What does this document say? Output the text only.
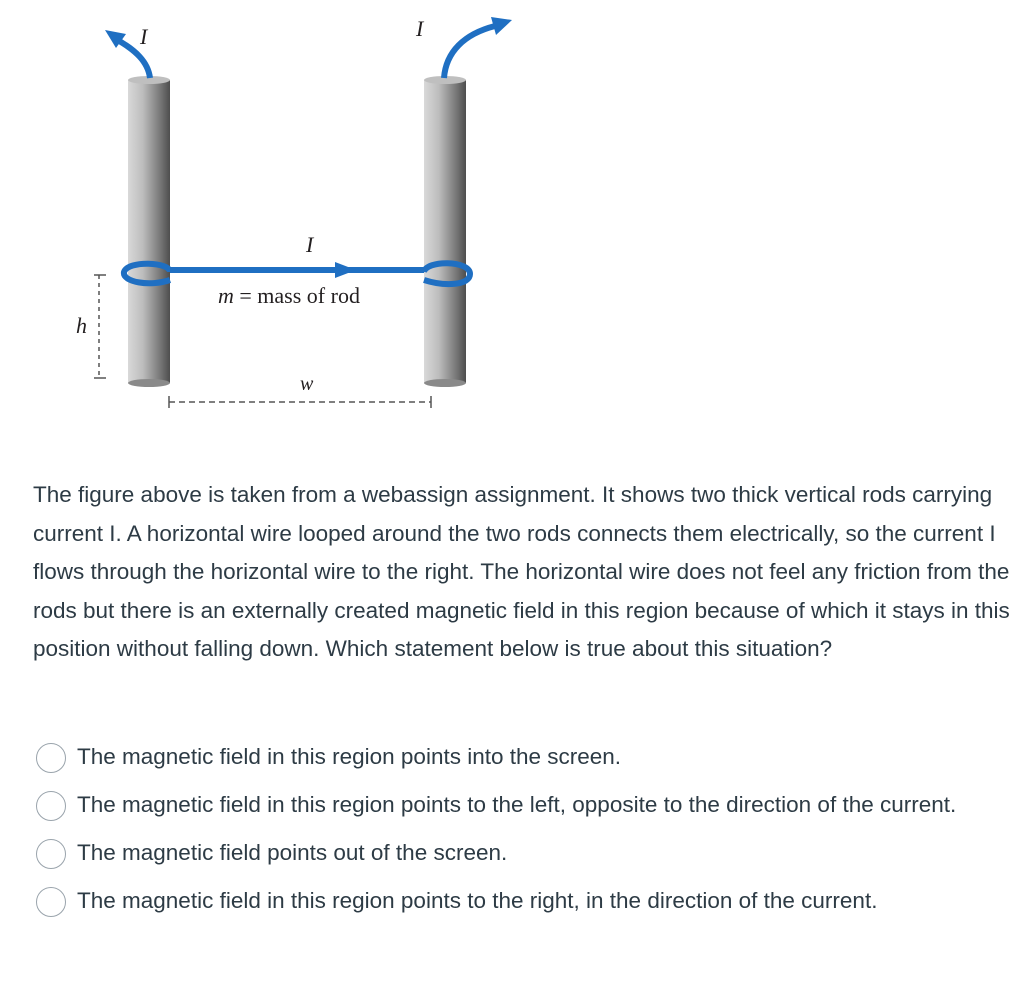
I	I
I
m = mass of rod
h
w

The figure above is taken from a webassign assignment. It shows two thick vertical rods carrying current I. A horizontal wire looped around the two rods connects them electrically, so the current I flows through the horizontal wire to the right. The horizontal wire does not feel any friction from the rods but there is an externally created magnetic field in this region because of which it stays in this position without falling down. Which statement below is true about this situation?

The magnetic field in this region points into the screen.
The magnetic field in this region points to the left, opposite to the direction of the current.
The magnetic field points out of the screen.
The magnetic field in this region points to the right, in the direction of the current.
